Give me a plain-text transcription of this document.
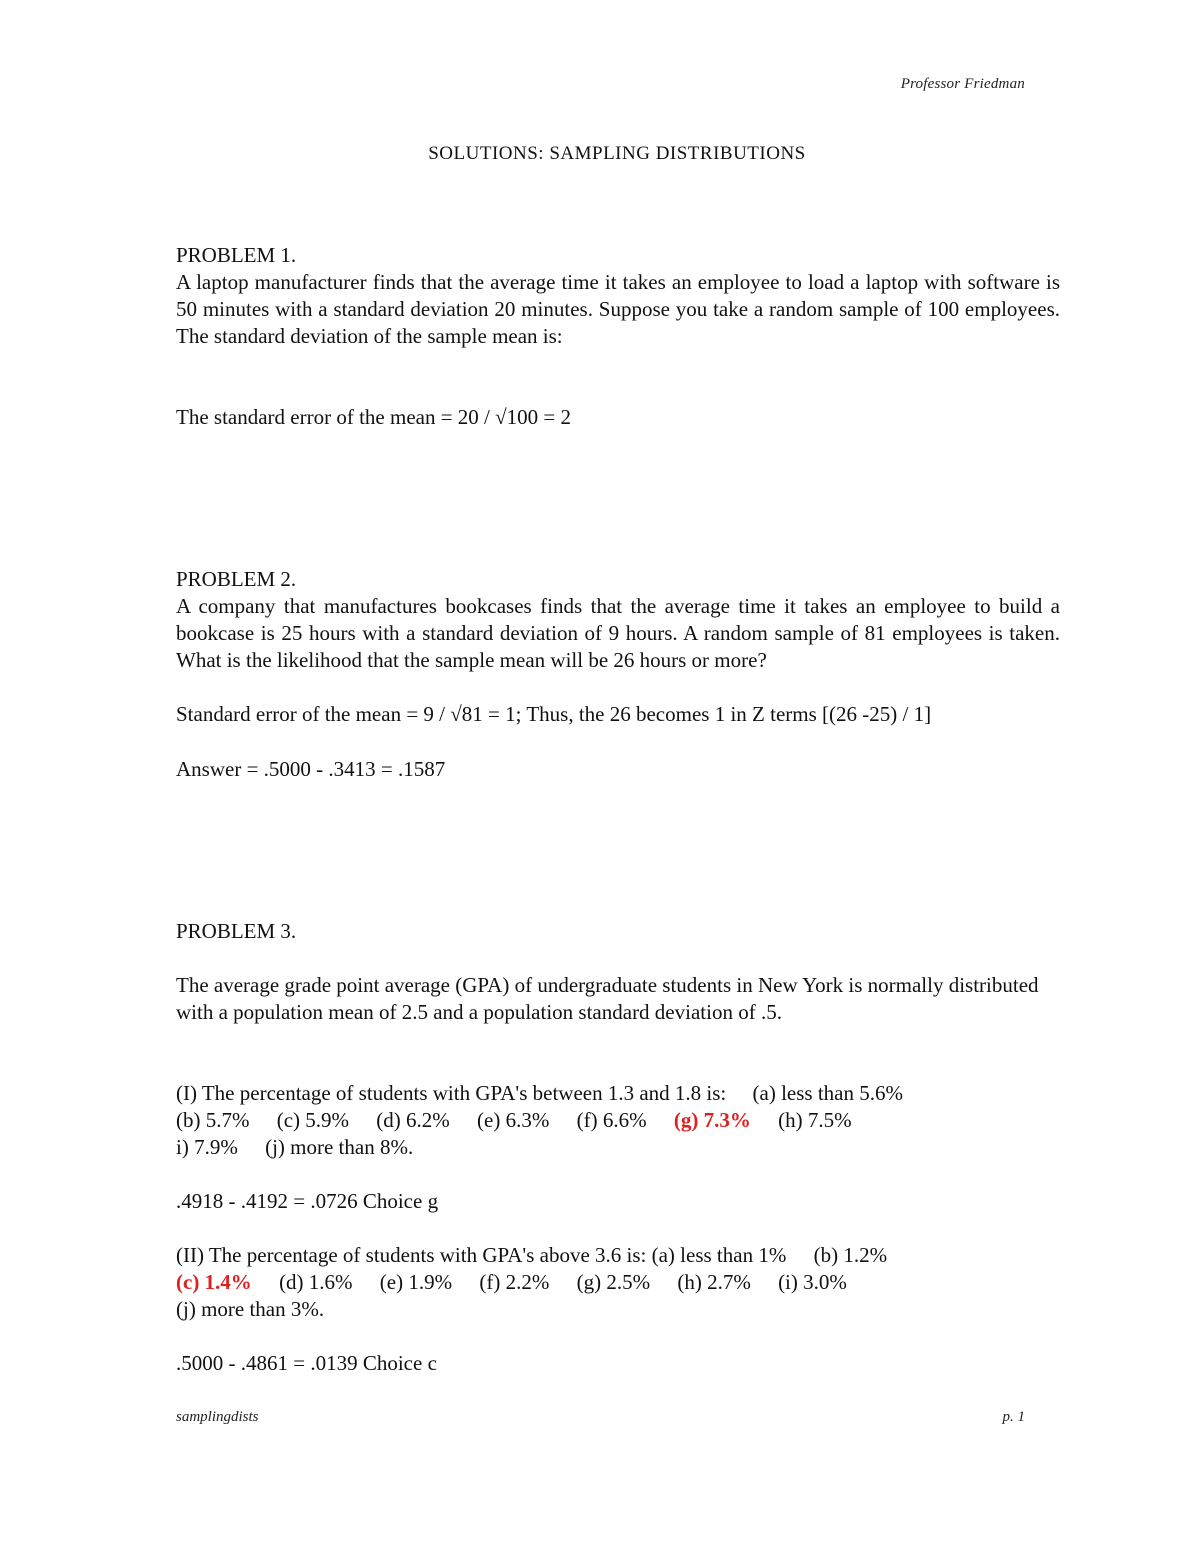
Professor Friedman
SOLUTIONS: SAMPLING DISTRIBUTIONS

PROBLEM 1.

A laptop manufacturer finds that the average time it takes an employee to load a laptop with software is 50 minutes with a standard deviation 20 minutes. Suppose you take a random sample of 100 employees. The standard deviation of the sample mean is:

The standard error of the mean = 20 / √100 = 2

PROBLEM 2.

A company that manufactures bookcases finds that the average time it takes an employee to build a bookcase is 25 hours with a standard deviation of 9 hours. A random sample of 81 employees is taken. What is the likelihood that the sample mean will be 26 hours or more?

Standard error of the mean = 9 / √81 = 1; Thus, the 26 becomes 1 in Z terms [(26 -25) / 1]

Answer = .5000 - .3413 = .1587

PROBLEM 3.

The average grade point average (GPA) of undergraduate students in New York is normally distributed with a population mean of 2.5 and a population standard deviation of .5.

(I) The percentage of students with GPA's between 1.3 and 1.8 is: (a) less than 5.6%
(b) 5.7% (c) 5.9% (d) 6.2% (e) 6.3% (f) 6.6% (g) 7.3% (h) 7.5%
i) 7.9% (j) more than 8%.

.4918 - .4192 = .0726 Choice g

(II) The percentage of students with GPA's above 3.6 is: (a) less than 1% (b) 1.2%
(c) 1.4% (d) 1.6% (e) 1.9% (f) 2.2% (g) 2.5% (h) 2.7% (i) 3.0%
(j) more than 3%.

.5000 - .4861 = .0139 Choice c

samplingdists	p. 1
